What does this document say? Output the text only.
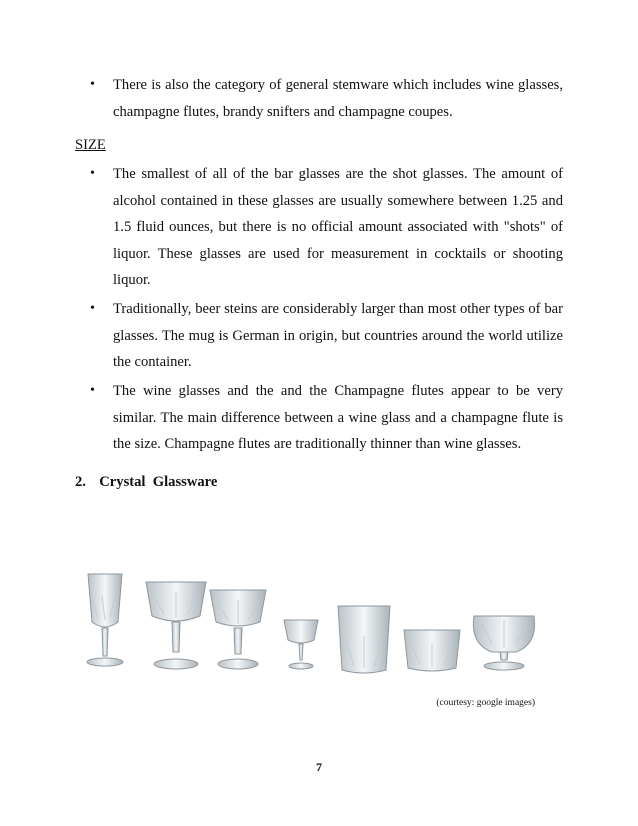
• There is also the category of general stemware which includes wine glasses, champagne flutes, brandy snifters and champagne coupes.

SIZE
• The smallest of all of the bar glasses are the shot glasses. The amount of alcohol contained in these glasses are usually somewhere between 1.25 and 1.5 fluid ounces, but there is no official amount associated with "shots" of liquor. These glasses are used for measurement in cocktails or shooting liquor.

• Traditionally, beer steins are considerably larger than most other types of bar glasses. The mug is German in origin, but countries around the world utilize the container.

• The wine glasses and the and the Champagne flutes appear to be very similar. The main difference between a wine glass and a champagne flute is the size. Champagne flutes are traditionally thinner than wine glasses.

2. Crystal  Glassware
(courtesy: google images)
7
